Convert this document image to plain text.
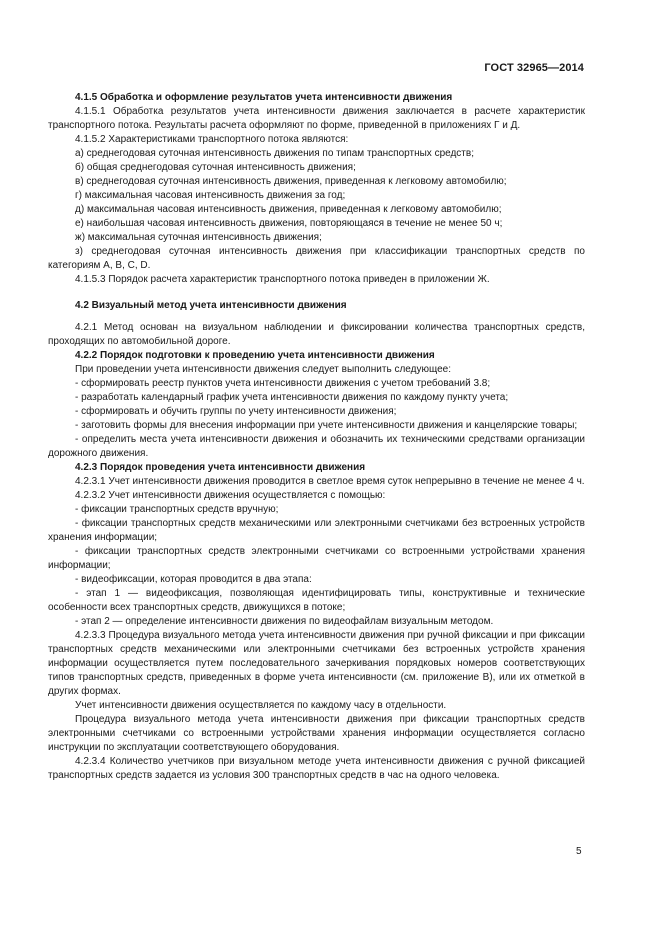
ГОСТ 32965—2014

4.1.5 Обработка и оформление результатов учета интенсивности движения

4.1.5.1 Обработка результатов учета интенсивности движения заключается в расчете характеристик транспортного потока. Результаты расчета оформляют по форме, приведенной в приложениях Г и Д.

4.1.5.2 Характеристиками транспортного потока являются:

а) среднегодовая суточная интенсивность движения по типам транспортных средств;

б) общая среднегодовая суточная интенсивность движения;

в) среднегодовая суточная интенсивность движения, приведенная к легковому автомобилю;

г) максимальная часовая интенсивность движения за год;

д) максимальная часовая интенсивность движения, приведенная к легковому автомобилю;

е) наибольшая часовая интенсивность движения, повторяющаяся в течение не менее 50 ч;

ж) максимальная суточная интенсивность движения;

з) среднегодовая суточная интенсивность движения при классификации транспортных средств по категориям А, В, С, D.

4.1.5.3 Порядок расчета характеристик транспортного потока приведен в приложении Ж.

4.2 Визуальный метод учета интенсивности движения

4.2.1 Метод основан на визуальном наблюдении и фиксировании количества транспортных средств, проходящих по автомобильной дороге.

4.2.2 Порядок подготовки к проведению учета интенсивности движения

При проведении учета интенсивности движения следует выполнить следующее:

- сформировать реестр пунктов учета интенсивности движения с учетом требований 3.8;

- разработать календарный график учета интенсивности движения по каждому пункту учета;

- сформировать и обучить группы по учету интенсивности движения;

- заготовить формы для внесения информации при учете интенсивности движения и канцелярские товары;

- определить места учета интенсивности движения и обозначить их техническими средствами организации дорожного движения.

4.2.3 Порядок проведения учета интенсивности движения

4.2.3.1 Учет интенсивности движения проводится в светлое время суток непрерывно в течение не менее 4 ч.

4.2.3.2 Учет интенсивности движения осуществляется с помощью:

- фиксации транспортных средств вручную;

- фиксации транспортных средств механическими или электронными счетчиками без встроенных устройств хранения информации;

- фиксации транспортных средств электронными счетчиками со встроенными устройствами хранения информации;

- видеофиксации, которая проводится в два этапа:

- этап 1 — видеофиксация, позволяющая идентифицировать типы, конструктивные и технические особенности всех транспортных средств, движущихся в потоке;

- этап 2 — определение интенсивности движения по видеофайлам визуальным методом.

4.2.3.3 Процедура визуального метода учета интенсивности движения при ручной фиксации и при фиксации транспортных средств механическими или электронными счетчиками без встроенных устройств хранения информации осуществляется путем последовательного зачеркивания порядковых номеров соответствующих типов транспортных средств, приведенных в форме учета интенсивности (см. приложение В), или их отметкой в других формах.

Учет интенсивности движения осуществляется по каждому часу в отдельности.

Процедура визуального метода учета интенсивности движения при фиксации транспортных средств электронными счетчиками со встроенными устройствами хранения информации осуществляется согласно инструкции по эксплуатации соответствующего оборудования.

4.2.3.4 Количество учетчиков при визуальном методе учета интенсивности движения с ручной фиксацией транспортных средств задается из условия 300 транспортных средств в час на одного человека.

5
